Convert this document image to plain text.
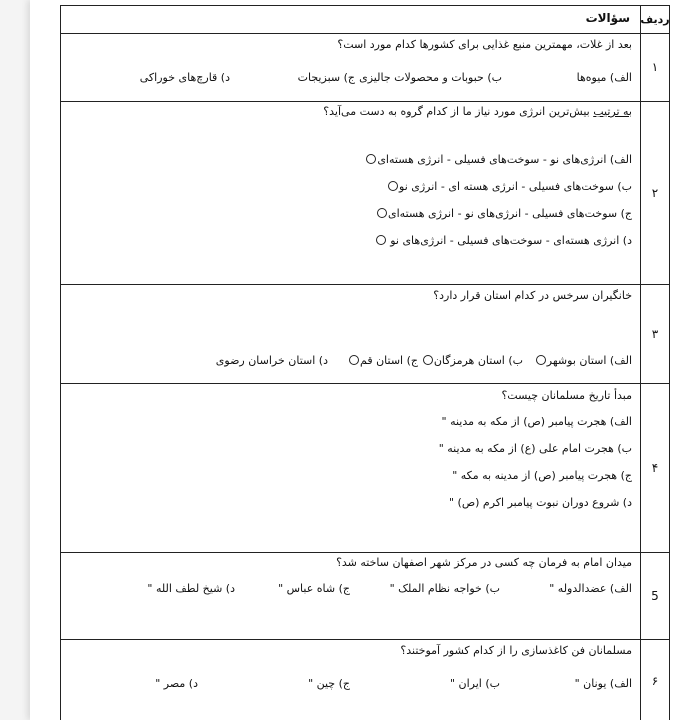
ردیف
سؤالات
۱
بعد از غلات، مهمترین منبع غذایی برای کشورها کدام مورد است؟
الف) میوه‌ها
ب) حبوبات و محصولات جالیزی
ج) سبزیجات
د) قارچ‌های خوراکی
۲
به ترتیب بیش‌ترین انرژی مورد نیاز ما از کدام گروه به دست می‌آید؟
الف) انرژی‌های نو - سوخت‌های فسیلی - انرژی هسته‌ای
ب) سوخت‌های فسیلی - انرژی هسته ای - انرژی نو
ج) سوخت‌های فسیلی - انرژی‌های نو - انرژی هسته‌ای
د) انرژی هسته‌ای - سوخت‌های فسیلی - انرژی‌های نو
۳
خانگیران سرخس در کدام استان قرار دارد؟
الف) استان بوشهر
ب) استان هرمزگان
ج) استان قم
د) استان خراسان رضوی
۴
مبدأ تاریخ مسلمانان چیست؟
الف) هجرت پیامبر (ص) از مکه به مدینه "
ب) هجرت امام علی (ع) از مکه به مدینه "
ج) هجرت پیامبر (ص) از مدینه به مکه "
د) شروع دوران نبوت پیامبر اکرم (ص) "
5
میدان امام به فرمان چه کسی در مرکز شهر اصفهان ساخته شد؟
الف) عضدالدوله "
ب) خواجه نظام الملک "
ج) شاه عباس "
د) شیخ لطف الله "
۶
مسلمانان فن کاغذسازی را از کدام کشور آموختند؟
الف) یونان "
ب) ایران "
ج) چین "
د) مصر "
